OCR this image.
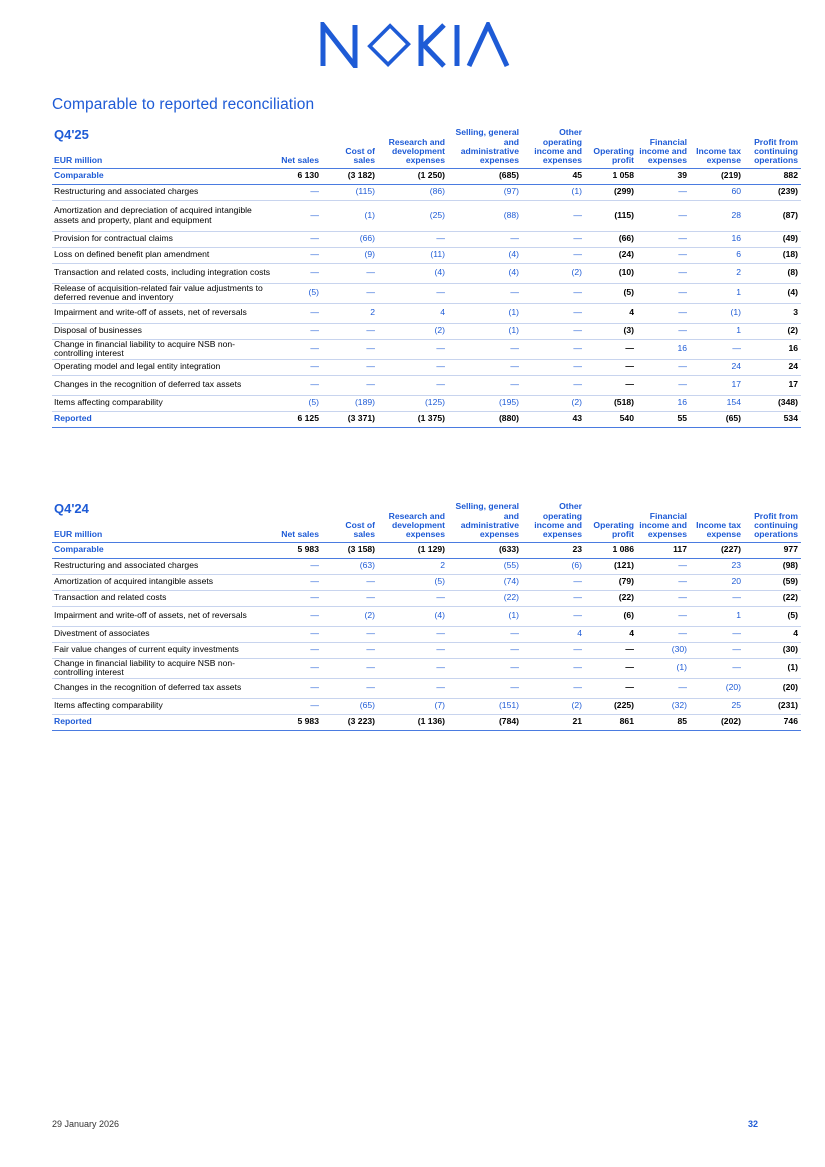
NOKIA
Comparable to reported reconciliation
Q4'25
EUR million	Net sales	Cost of sales	Research and development expenses	Selling, general and administrative expenses	Other operating income and expenses	Operating profit	Financial income and expenses	Income tax expense	Profit from continuing operations
Comparable	6 130	(3 182)	(1 250)	(685)	45	1 058	39	(219)	882
Restructuring and associated charges	—	(115)	(86)	(97)	(1)	(299)	—	60	(239)
Amortization and depreciation of acquired intangible assets and property, plant and equipment	—	(1)	(25)	(88)	—	(115)	—	28	(87)
Provision for contractual claims	—	(66)	—	—	—	(66)	—	16	(49)
Loss on defined benefit plan amendment	—	(9)	(11)	(4)	—	(24)	—	6	(18)
Transaction and related costs, including integration costs	—	—	(4)	(4)	(2)	(10)	—	2	(8)
Release of acquisition-related fair value adjustments to deferred revenue and inventory	(5)	—	—	—	—	(5)	—	1	(4)
Impairment and write-off of assets, net of reversals	—	2	4	(1)	—	4	—	(1)	3
Disposal of businesses	—	—	(2)	(1)	—	(3)	—	1	(2)
Change in financial liability to acquire NSB non-controlling interest	—	—	—	—	—	—	16	—	16
Operating model and legal entity integration	—	—	—	—	—	—	—	24	24
Changes in the recognition of deferred tax assets	—	—	—	—	—	—	—	17	17
Items affecting comparability	(5)	(189)	(125)	(195)	(2)	(518)	16	154	(348)
Reported	6 125	(3 371)	(1 375)	(880)	43	540	55	(65)	534
Q4'24
EUR million	Net sales	Cost of sales	Research and development expenses	Selling, general and administrative expenses	Other operating income and expenses	Operating profit	Financial income and expenses	Income tax expense	Profit from continuing operations
Comparable	5 983	(3 158)	(1 129)	(633)	23	1 086	117	(227)	977
Restructuring and associated charges	—	(63)	2	(55)	(6)	(121)	—	23	(98)
Amortization of acquired intangible assets	—	—	(5)	(74)	—	(79)	—	20	(59)
Transaction and related costs	—	—	—	(22)	—	(22)	—	—	(22)
Impairment and write-off of assets, net of reversals	—	(2)	(4)	(1)	—	(6)	—	1	(5)
Divestment of associates	—	—	—	—	4	4	—	—	4
Fair value changes of current equity investments	—	—	—	—	—	—	(30)	—	(30)
Change in financial liability to acquire NSB non-controlling interest	—	—	—	—	—	—	(1)	—	(1)
Changes in the recognition of deferred tax assets	—	—	—	—	—	—	—	(20)	(20)
Items affecting comparability	—	(65)	(7)	(151)	(2)	(225)	(32)	25	(231)
Reported	5 983	(3 223)	(1 136)	(784)	21	861	85	(202)	746
29 January 2026	32
